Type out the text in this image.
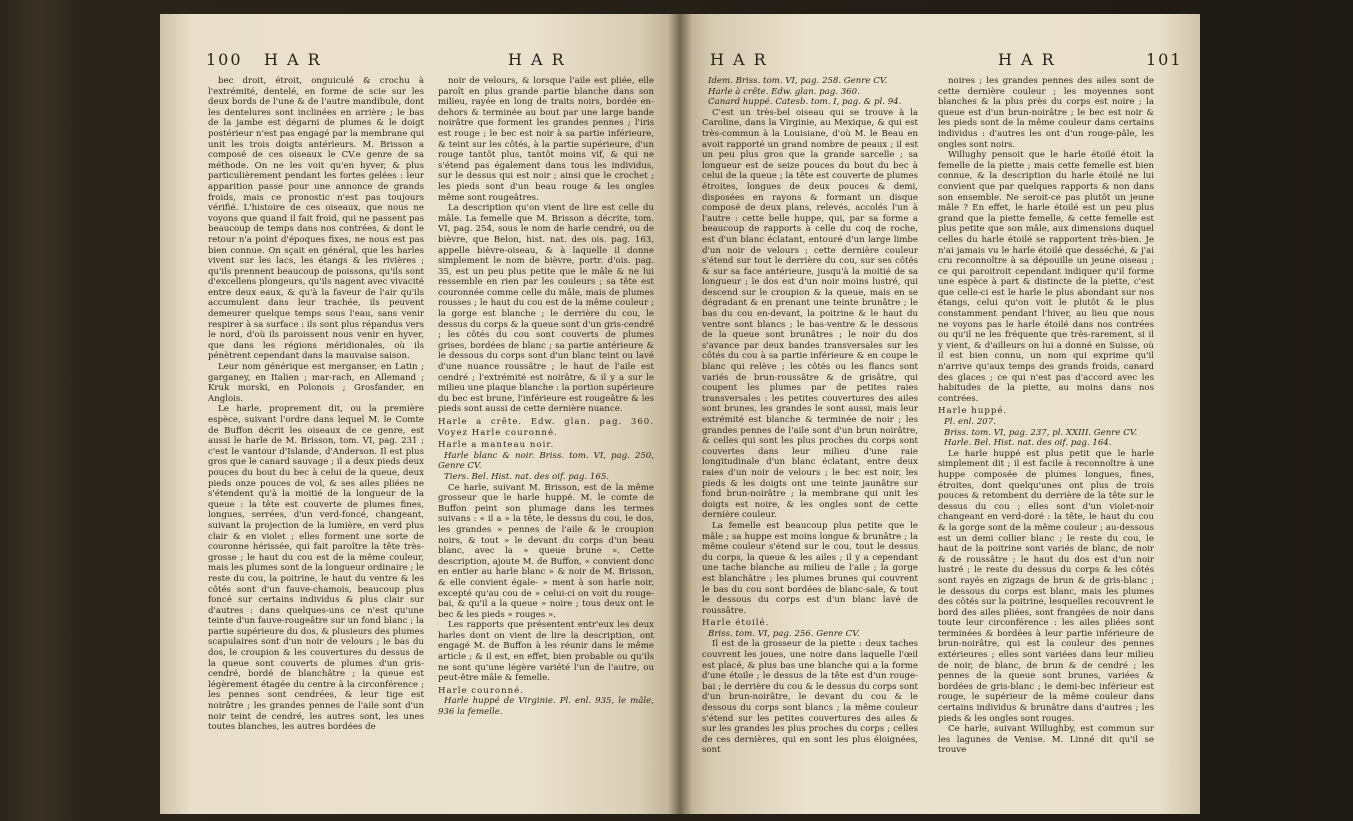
100 H A R	H A R

bec droit, étroit, onguiculé & crochu à l'extrémité, dentelé, en forme de scie sur les deux bords de l'une & de l'autre mandibule, dont les dentelures sont inclinées en arrière ; le bas de la jambe est dégarni de plumes & le doigt postérieur n'est pas engagé par la membrane qui unit les trois doigts antérieurs. M. Brisson a composé de ces oiseaux le CV.e genre de sa méthode. On ne les voit qu'en hyver, & plus particulièrement pendant les fortes gelées : leur apparition passe pour une annonce de grands froids, mais ce pronostic n'est pas toujours vérifié. L'histoire de ces oiseaux, que nous ne voyons que quand il fait froid, qui ne passent pas beaucoup de temps dans nos contrées, & dont le retour n'a point d'époques fixes, ne nous est pas bien connue. On sçait en général, que les harles vivent sur les lacs, les étangs & les rivières ; qu'ils prennent beaucoup de poissons, qu'ils sont d'excellens plongeurs, qu'ils nagent avec vivacité entre deux eaux, & qu'à la faveur de l'air qu'ils accumulent dans leur trachée, ils peuvent demeurer quelque temps sous l'eau, sans venir respirer à sa surface : ils sont plus répandus vers le nord, d'où ils paroissent nous venir en hyver, que dans les régions méridionales, où ils pénètrent cependant dans la mauvaise saison.

Leur nom générique est merganser, en Latin ; garganey, en Italien ; mar-rach, en Allemand ; Kruk morski, en Polonois ; Grosfander, en Anglois.

Le harle, proprement dit, ou la première espèce, suivant l'ordre dans lequel M. le Comte de Buffon décrit les oiseaux de ce genre, est aussi le harle de M. Brisson, tom. VI, pag. 231 ; c'est le vantour d'Islande, d'Anderson. Il est plus gros que le canard sauvage ; il a deux pieds deux pouces du bout du bec à celui de la queue, deux pieds onze pouces de vol, & ses ailes pliées ne s'étendent qu'à la moitié de la longueur de la queue : la tête est couverte de plumes fines, longues, serrées, d'un verd-foncé, changeant, suivant la projection de la lumière, en verd plus clair & en violet ; elles forment une sorte de couronne hérissée, qui fait paroître la tête très-grosse ; le haut du cou est de la même couleur, mais les plumes sont de la longueur ordinaire ; le reste du cou, la poitrine, le haut du ventre & les côtés sont d'un fauve-chamois, beaucoup plus foncé sur certains individus & plus clair sur d'autres : dans quelques-uns ce n'est qu'une teinte d'un fauve-rougeâtre sur un fond blanc ; la partie supérieure du dos, & plusieurs des plumes scapulaires sont d'un noir de velours ; le bas du dos, le croupion & les couvertures du dessus de la queue sont couverts de plumes d'un gris-cendré, bordé de blanchâtre ; la queue est légèrement étagée du centre à la circonférence ; les pennes sont cendrées, & leur tige est noirâtre ; les grandes pennes de l'aile sont d'un noir teint de cendré, les autres sont, les unes toutes blanches, les autres bordées de

noir de velours, & lorsque l'aile est pliée, elle paroît en plus grande partie blanche dans son milieu, rayée en long de traits noirs, bordée en-dehors & terminée au bout par une large bande noirâtre que forment les grandes pennes ; l'iris est rouge ; le bec est noir à sa partie inférieure, & teint sur les côtés, à la partie supérieure, d'un rouge tantôt plus, tantôt moins vif, & qui ne s'étend pas également dans tous les individus, sur le dessus qui est noir ; ainsi que le crochet ; les pieds sont d'un beau rouge & les ongles même sont rougeâtres.

La description qu'on vient de lire est celle du mâle. La femelle que M. Brisson a décrite, tom. VI, pag. 254, sous le nom de harle cendré, ou de bièvre, que Belon, hist. nat. des ois. pag. 163, appelle bièvre-oiseau, & à laquelle il donne simplement le nom de bièvre, portr. d'ois. pag. 35, est un peu plus petite que le mâle & ne lui ressemble en rien par les couleurs ; sa tête est couronnée comme celle du mâle, mais de plumes rousses ; le haut du cou est de la même couleur ; la gorge est blanche ; le derrière du cou, le dessus du corps & la queue sont d'un gris-cendré ; les côtés du cou sont couverts de plumes grises, bordées de blanc ; sa partie antérieure & le dessous du corps sont d'un blanc teint ou lavé d'une nuance roussâtre ; le haut de l'aile est cendré ; l'extrémité est noirâtre, & il y a sur le milieu une plaque blanche : la portion supérieure du bec est brune, l'inférieure est rougeâtre & les pieds sont aussi de cette dernière nuance.

Harle a crête. Edw. glan. pag. 360. Voyez Harle couronné.

Harle a manteau noir.

Harle blanc & noir. Briss. tom. VI, pag. 250, Genre CV.

Tiers. Bel. Hist. nat. des oif. pag. 165.

Ce harle, suivant M. Brisson, est de la même grosseur que le harle huppé. M. le comte de Buffon peint son plumage dans les termes suivans : « il a » la tête, le dessus du cou, le dos, les grandes » pennes de l'aile & le croupion noirs, & tout » le devant du corps d'un beau blanc, avec la » queue brune ». Cette description, ajoute M. de Buffon, « convient donc en entier au harle blanc » & noir de M. Brisson, & elle convient égale- » ment à son harle noir, excepté qu'au cou de » celui-ci on voit du rouge-bai, & qu'il a la queue » noire ; tous deux ont le bec & les pieds » rouges ».

Les rapports que présentent entr'eux les deux harles dont on vient de lire la description, ont engagé M. de Buffon à les réunir dans le même article ; & il est, en effet, bien probable ou qu'ils ne sont qu'une légère variété l'un de l'autre, ou peut-être mâle & femelle.

Harle couronné.

Harle huppé de Virginie. Pl. enl. 935, le mâle, 936 la femelle.

H A R	H A R	101

Idem. Briss. tom. VI, pag. 258. Genre CV.

Harle à crête. Edw. glan. pag. 360.

Canard huppé. Catesb. tom. I, pag. & pl. 94.

C'est un très-bel oiseau qui se trouve à la Caroline, dans la Virginie, au Mexique, & qui est très-commun à la Louisiane, d'où M. le Beau en avoit rapporté un grand nombre de peaux ; il est un peu plus gros que la grande sarcelle ; sa longueur est de seize pouces du bout du bec à celui de la queue ; la tête est couverte de plumes étroites, longues de deux pouces & demi, disposées en rayons & formant un disque composé de deux plans, relevés, accolés l'un à l'autre : cette belle huppe, qui, par sa forme a beaucoup de rapports à celle du coq de roche, est d'un blanc éclatant, entouré d'un large limbe d'un noir de velours ; cette dernière couleur s'étend sur tout le derrière du cou, sur ses côtés & sur sa face antérieure, jusqu'à la moitié de sa longueur ; le dos est d'un noir moins lustré, qui descend sur le croupion & la queue, mais en se dégradant & en prenant une teinte brunâtre ; le bas du cou en-devant, la poitrine & le haut du ventre sont blancs ; le bas-ventre & le dessous de la queue sont brunâtres ; le noir du dos s'avance par deux bandes transversales sur les côtés du cou à sa partie inférieure & en coupe le blanc qui relève ; les côtés ou les flancs sont variés de brun-roussâtre & de grisâtre, qui coupent les plumes par de petites raies transversales : les petites couvertures des ailes sont brunes, les grandes le sont aussi, mais leur extrémité est blanche & terminée de noir ; les grandes pennes de l'aile sont d'un brun noirâtre, & celles qui sont les plus proches du corps sont couvertes dans leur milieu d'une raie longitudinale d'un blanc éclatant, entre deux raies d'un noir de velours ; le bec est noir, les pieds & les doigts ont une teinte jaunâtre sur fond brun-noirâtre ; la membrane qui unit les doigts est noire, & les ongles sont de cette dernière couleur.

La femelle est beaucoup plus petite que le mâle ; sa huppe est moins longue & brunâtre ; la même couleur s'étend sur le cou, tout le dessus du corps, la queue & les ailes ; il y a cependant une tache blanche au milieu de l'aile ; la gorge est blanchâtre ; les plumes brunes qui couvrent le bas du cou sont bordées de blanc-sale, & tout le dessous du corps est d'un blanc lavé de roussâtre.

Harle étoilé.

Briss. tom. VI, pag. 256. Genre CV.

Il est de la grosseur de la piette : deux taches couvrent les joues, une noire dans laquelle l'œil est placé, & plus bas une blanche qui a la forme d'une étoile ; le dessus de la tête est d'un rouge-bai ; le derrière du cou & le dessus du corps sont d'un brun-noirâtre, le devant du cou & le dessous du corps sont blancs ; la même couleur s'étend sur les petites couvertures des ailes & sur les grandes les plus proches du corps ; celles de ces dernières, qui en sont les plus éloignées, sont

noires ; les grandes pennes des ailes sont de cette dernière couleur ; les moyennes sont blanches & la plus près du corps est noire ; la queue est d'un brun-noirâtre ; le bec est noir & les pieds sont de la même couleur dans certains individus : d'autres les ont d'un rouge-pâle, les ongles sont noirs.

Willughy pensoit que le harle étoilé étoit la femelle de la piette ; mais cette femelle est bien connue, & la description du harle étoilé ne lui convient que par quelques rapports & non dans son ensemble. Ne seroit-ce pas plutôt un jeune mâle ? En effet, le harle étoilé est un peu plus grand que la piette femelle, & cette femelle est plus petite que son mâle, aux dimensions duquel celles du harle étoilé se rapportent très-bien. Je n'ai jamais vu le harle étoilé que desséché, & j'ai cru reconnoître à sa dépouille un jeune oiseau ; ce qui paroitroit cependant indiquer qu'il forme une espèce à part & distincte de la piette, c'est que celle-ci est le harle le plus abondant sur nos étangs, celui qu'on voit le plutôt & le plus constamment pendant l'hiver, au lieu que nous ne voyons pas le harle étoilé dans nos contrées ou qu'il ne les fréquente que très-rarement, si il y vient, & d'ailleurs on lui a donné en Suisse, où il est bien connu, un nom qui exprime qu'il n'arrive qu'aux temps des grands froids, canard des glaces ; ce qui n'est pas d'accord avec les habitudes de la piette, au moins dans nos contrées.

Harle huppé.

Pl. enl. 207.

Briss. tom. VI, pag. 237, pl. XXIII. Genre CV.

Harle. Bel. Hist. nat. des oif. pag. 164.

Le harle huppé est plus petit que le harle simplement dit ; il est facile à reconnoître à une huppe composée de plumes longues, fines, étroites, dont quelqu'unes ont plus de trois pouces & retombent du derrière de la tête sur le dessus du cou ; elles sont d'un violet-noir changeant en verd-doré : la tête, le haut du cou & la gorge sont de la même couleur ; au-dessous est un demi collier blanc ; le reste du cou, le haut de la poitrine sont variés de blanc, de noir & de roussâtre ; le haut du dos est d'un noir lustré ; le reste du dessus du corps & les côtés sont rayés en zigzags de brun & de gris-blanc ; le dessous du corps est blanc, mais les plumes des côtés sur la poitrine, lesquelles recouvrent le bord des ailes pliées, sont frangées de noir dans toute leur circonférence : les ailes pliées sont terminées & bordées à leur partie inférieure de brun-noirâtre, qui est la couleur des pennes extérieures ; elles sont variées dans leur milieu de noir, de blanc, de brun & de cendré ; les pennes de la queue sont brunes, variées & bordées de gris-blanc ; le demi-bec inférieur est rouge, le supérieur de la même couleur dans certains individus & brunâtre dans d'autres ; les pieds & les ongles sont rouges.

Ce harle, suivant Willughby, est commun sur les lagunes de Venise. M. Linné dit qu'il se trouve
